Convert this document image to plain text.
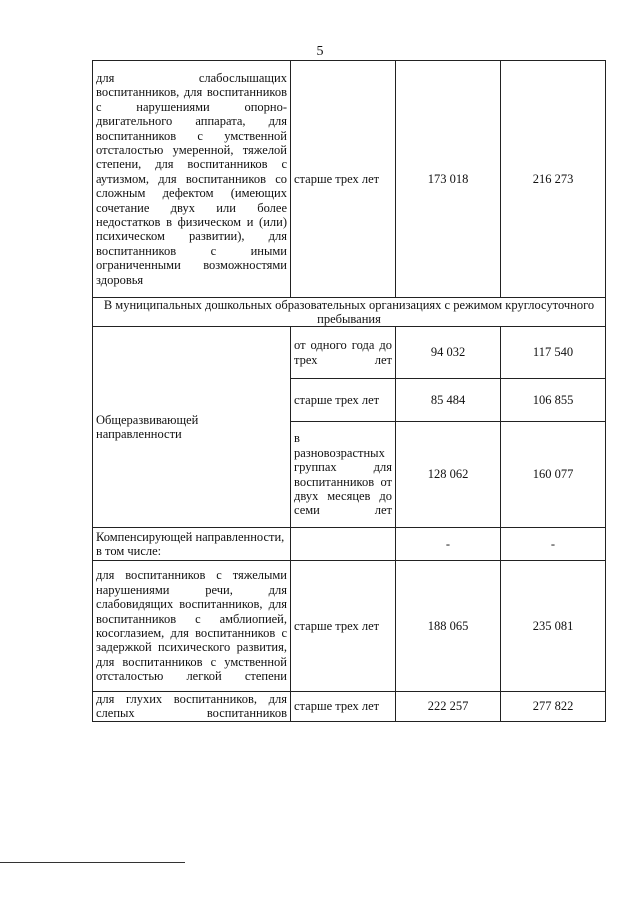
5
для слабослышащих воспитанников, для воспитанников с нарушениями опорно-двигательного аппарата, для воспитанников с умственной отсталостью умеренной, тяжелой степени, для воспитанников с аутизмом, для воспитанников со сложным дефектом (имеющих сочетание двух или более недостатков в физическом и (или) психическом развитии), для воспитанников с иными ограниченными возможностями здоровья	старше трех лет	173 018	216 273
В муниципальных дошкольных образовательных организациях с режимом круглосуточного пребывания			
Общеразвивающей направленности	от одного года до трех лет	94 032	117 540
	старше трех лет	85 484	106 855
	в разновозрастных группах для воспитанников от двух месяцев до семи лет	128 062	160 077
Компенсирующей направленности, в том числе:		-	-
для воспитанников с тяжелыми нарушениями речи, для слабовидящих воспитанников, для воспитанников с амблиопией, косоглазием, для воспитанников с задержкой психического развития, для воспитанников с умственной отсталостью легкой степени	старше трех лет	188 065	235 081
для глухих воспитанников, для слепых воспитанников	старше трех лет	222 257	277 822
